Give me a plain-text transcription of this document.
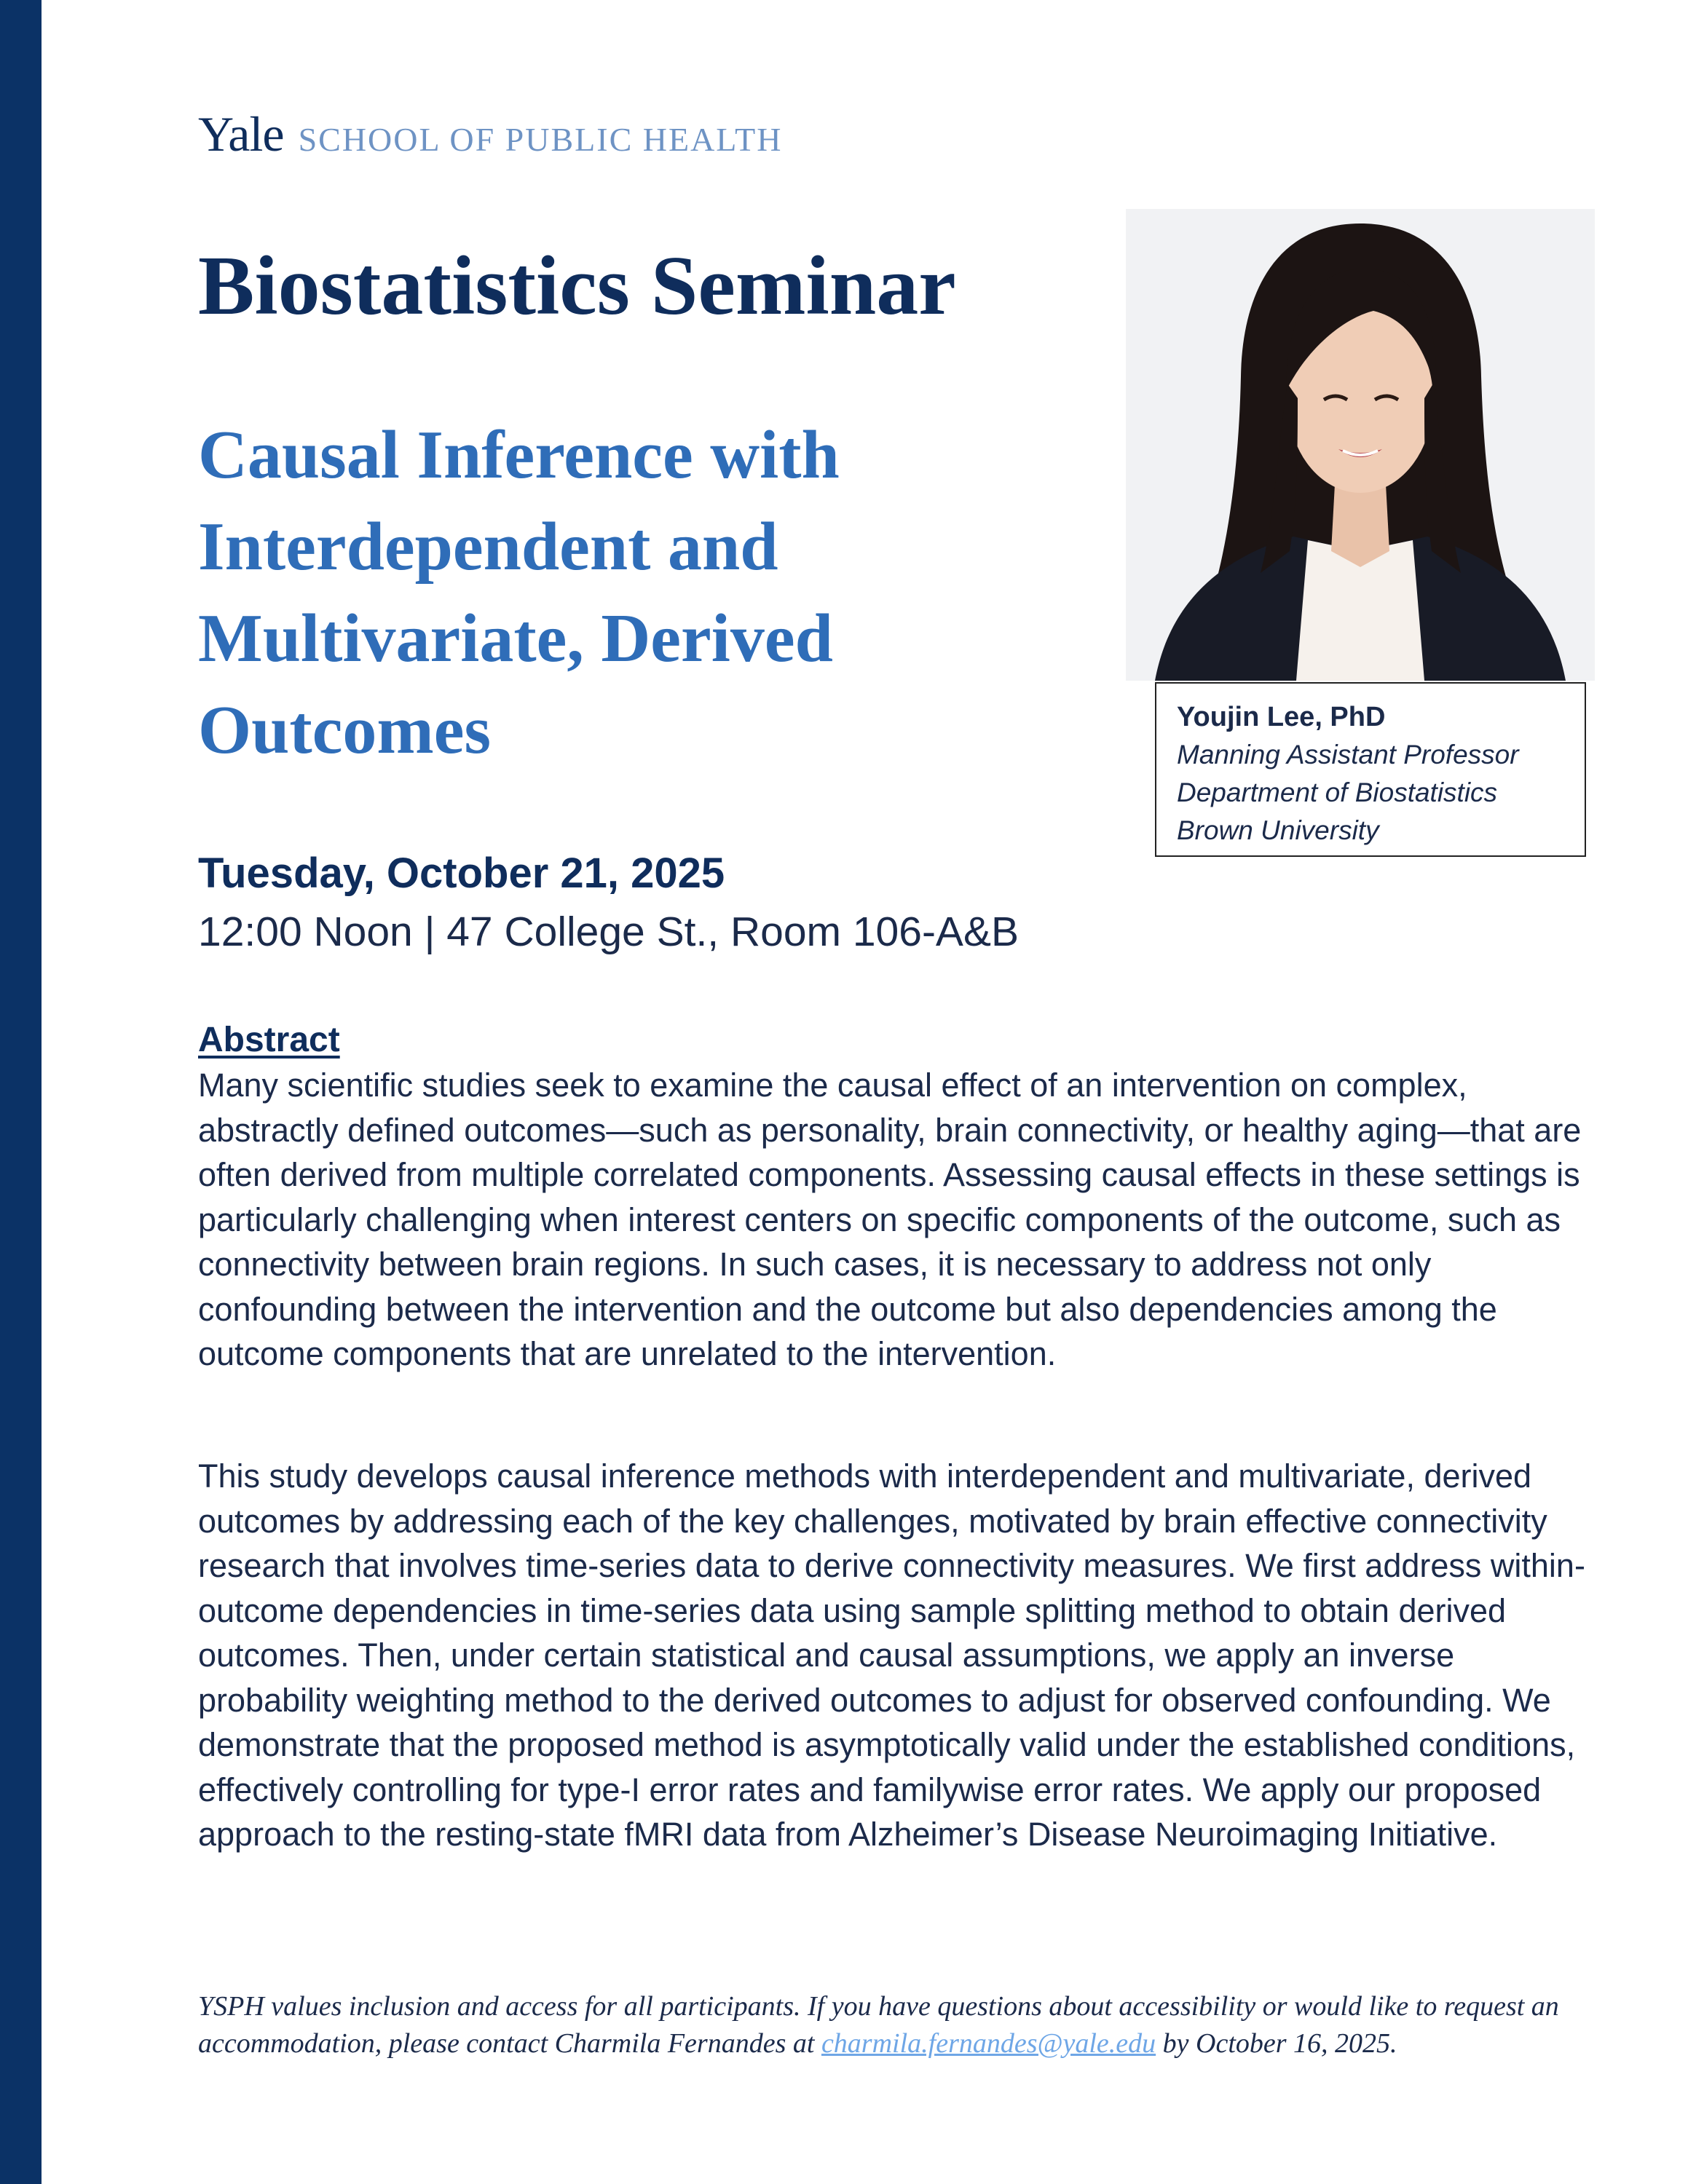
Yale SCHOOL OF PUBLIC HEALTH
Biostatistics Seminar
Causal Inference with Interdependent and Multivariate, Derived Outcomes	Youjin Lee, PhD
Manning Assistant Professor
Department of Biostatistics
Brown University
Tuesday, October 21, 2025
12:00 Noon | 47 College St., Room 106-A&B
Abstract

Many scientific studies seek to examine the causal effect of an intervention on complex, abstractly defined outcomes—such as personality, brain connectivity, or healthy aging—that are often derived from multiple correlated components. Assessing causal effects in these settings is particularly challenging when interest centers on specific components of the outcome, such as connectivity between brain regions. In such cases, it is necessary to address not only confounding between the intervention and the outcome but also dependencies among the outcome components that are unrelated to the intervention.

This study develops causal inference methods with interdependent and multivariate, derived outcomes by addressing each of the key challenges, motivated by brain effective connectivity research that involves time-series data to derive connectivity measures. We first address within-outcome dependencies in time-series data using sample splitting method to obtain derived outcomes. Then, under certain statistical and causal assumptions, we apply an inverse probability weighting method to the derived outcomes to adjust for observed confounding. We demonstrate that the proposed method is asymptotically valid under the established conditions, effectively controlling for type-I error rates and familywise error rates. We apply our proposed approach to the resting-state fMRI data from Alzheimer’s Disease Neuroimaging Initiative.

YSPH values inclusion and access for all participants. If you have questions about accessibility or would like to request an accommodation, please contact Charmila Fernandes at charmila.fernandes@yale.edu by October 16, 2025.
